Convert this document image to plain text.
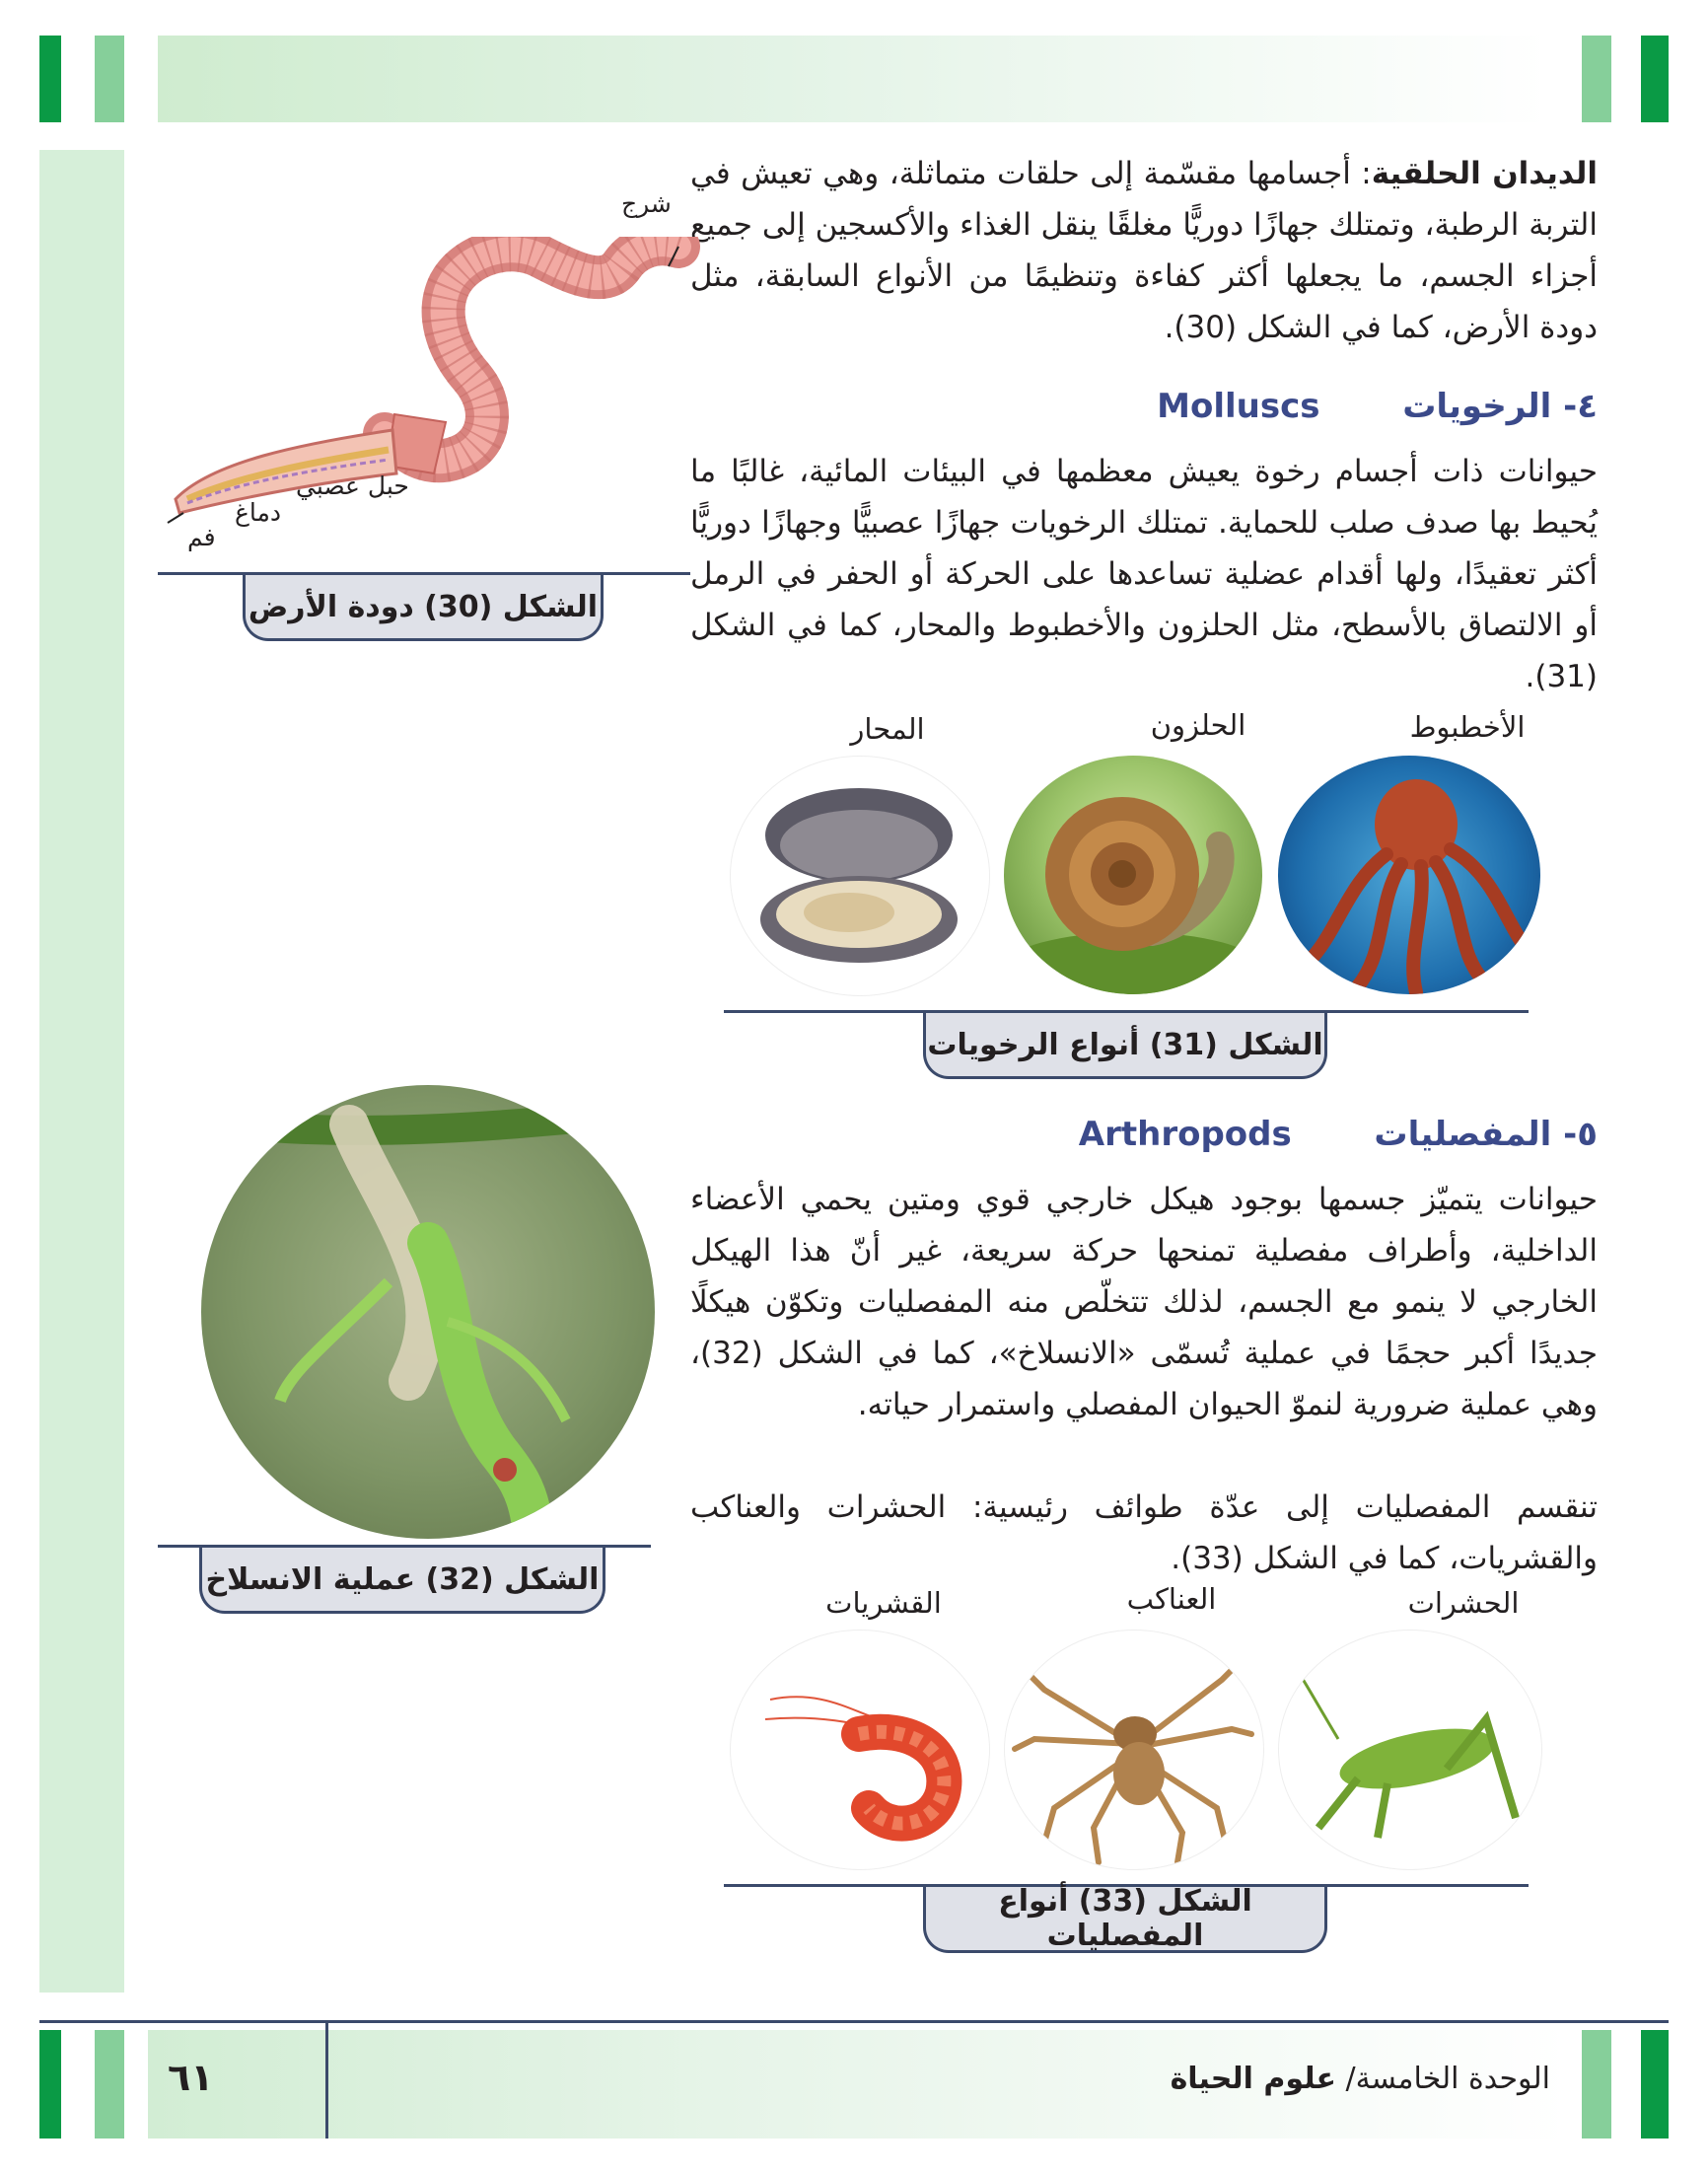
الديدان الحلقية: أجسامها مقسّمة إلى حلقات متماثلة، وهي تعيش في التربة الرطبة، وتمتلك جهازًا دوريًّا مغلقًا ينقل الغذاء والأكسجين إلى جميع أجزاء الجسم، ما يجعلها أكثر كفاءة وتنظيمًا من الأنواع السابقة، مثل دودة الأرض، كما في الشكل (30).
شرج
حبل عصبي
دماغ
فم
الشكل (30) دودة الأرض
Molluscs ٤- الرخويات
حيوانات ذات أجسام رخوة يعيش معظمها في البيئات المائية، غالبًا ما يُحيط بها صدف صلب للحماية. تمتلك الرخويات جهازًا عصبيًّا وجهازًا دوريًّا أكثر تعقيدًا، ولها أقدام عضلية تساعدها على الحركة أو الحفر في الرمل أو الالتصاق بالأسطح، مثل الحلزون والأخطبوط والمحار، كما في الشكل (31).
الأخطبوط
الحلزون
المحار
الشكل (31) أنواع الرخويات
الشكل (32) عملية الانسلاخ
Arthropods ٥- المفصليات
حيوانات يتميّز جسمها بوجود هيكل خارجي قوي ومتين يحمي الأعضاء الداخلية، وأطراف مفصلية تمنحها حركة سريعة، غير أنّ هذا الهيكل الخارجي لا ينمو مع الجسم، لذلك تتخلّص منه المفصليات وتكوّن هيكلًا جديدًا أكبر حجمًا في عملية تُسمّى «الانسلاخ»، كما في الشكل (32)، وهي عملية ضرورية لنموّ الحيوان المفصلي واستمرار حياته.
تنقسم المفصليات إلى عدّة طوائف رئيسية: الحشرات والعناكب والقشريات، كما في الشكل (33).
الحشرات
العناكب
القشريات
الشكل (33) أنواع المفصليات
٦١	الوحدة الخامسة/ علوم الحياة
